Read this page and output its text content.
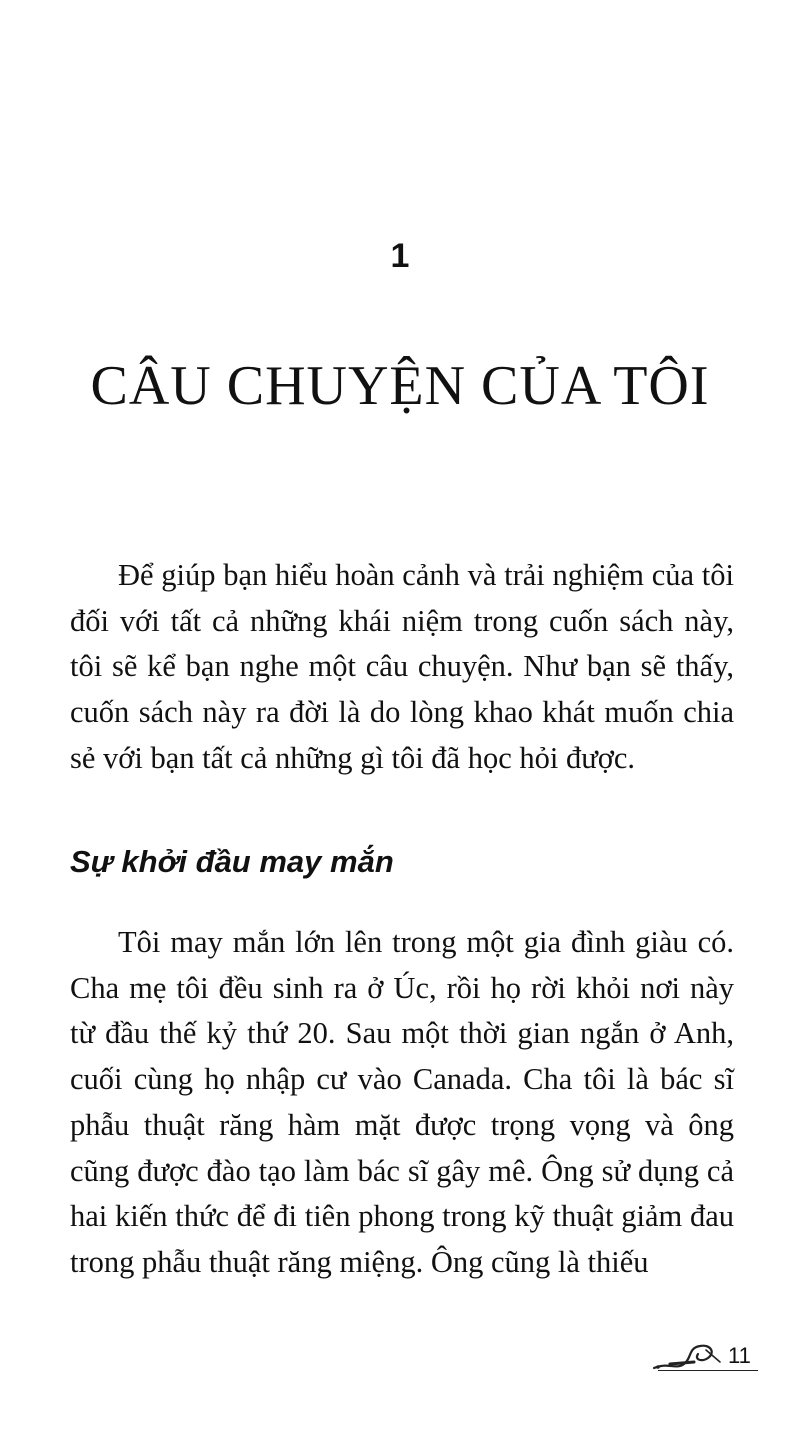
1
CÂU CHUYỆN CỦA TÔI

Để giúp bạn hiểu hoàn cảnh và trải nghiệm của tôi đối với tất cả những khái niệm trong cuốn sách này, tôi sẽ kể bạn nghe một câu chuyện. Như bạn sẽ thấy, cuốn sách này ra đời là do lòng khao khát muốn chia sẻ với bạn tất cả những gì tôi đã học hỏi được.

Sự khởi đầu may mắn

Tôi may mắn lớn lên trong một gia đình giàu có. Cha mẹ tôi đều sinh ra ở Úc, rồi họ rời khỏi nơi này từ đầu thế kỷ thứ 20. Sau một thời gian ngắn ở Anh, cuối cùng họ nhập cư vào Canada. Cha tôi là bác sĩ phẫu thuật răng hàm mặt được trọng vọng và ông cũng được đào tạo làm bác sĩ gây mê. Ông sử dụng cả hai kiến thức để đi tiên phong trong kỹ thuật giảm đau trong phẫu thuật răng miệng. Ông cũng là thiếu

11
